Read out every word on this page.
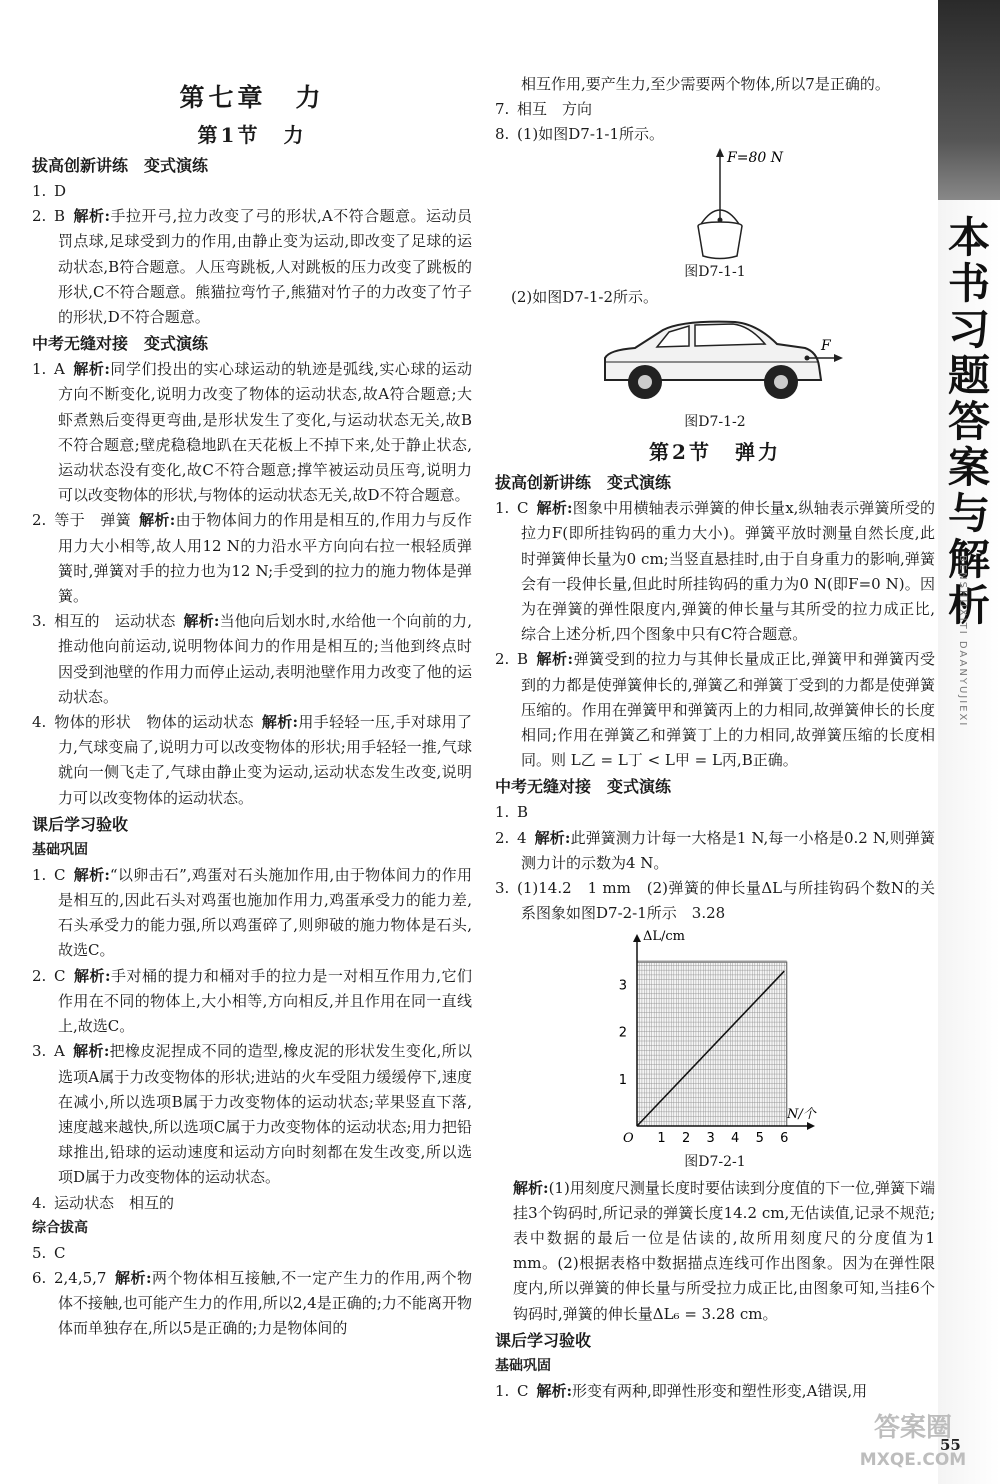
第七章　力
第1节　力
拔高创新讲练　变式演练
1. D
2. B 解析:手拉开弓,拉力改变了弓的形状,A不符合题意。运动员罚点球,足球受到力的作用,由静止变为运动,即改变了足球的运动状态,B符合题意。人压弯跳板,人对跳板的压力改变了跳板的形状,C不符合题意。熊猫拉弯竹子,熊猫对竹子的力改变了竹子的形状,D不符合题意。
中考无缝对接　变式演练
1. A 解析:同学们投出的实心球运动的轨迹是弧线,实心球的运动方向不断变化,说明力改变了物体的运动状态,故A符合题意;大虾煮熟后变得更弯曲,是形状发生了变化,与运动状态无关,故B不符合题意;壁虎稳稳地趴在天花板上不掉下来,处于静止状态,运动状态没有变化,故C不符合题意;撑竿被运动员压弯,说明力可以改变物体的形状,与物体的运动状态无关,故D不符合题意。
2. 等于　弹簧 解析:由于物体间力的作用是相互的,作用力与反作用力大小相等,故人用12 N的力沿水平方向向右拉一根轻质弹簧时,弹簧对手的拉力也为12 N;手受到的拉力的施力物体是弹簧。
3. 相互的　运动状态 解析:当他向后划水时,水给他一个向前的力,推动他向前运动,说明物体间力的作用是相互的;当他到终点时因受到池壁的作用力而停止运动,表明池壁作用力改变了他的运动状态。
4. 物体的形状　物体的运动状态 解析:用手轻轻一压,手对球用了力,气球变扁了,说明力可以改变物体的形状;用手轻轻一推,气球就向一侧飞走了,气球由静止变为运动,运动状态发生改变,说明力可以改变物体的运动状态。
课后学习验收
基础巩固
1. C 解析:“以卵击石”,鸡蛋对石头施加作用,由于物体间力的作用是相互的,因此石头对鸡蛋也施加作用力,鸡蛋承受力的能力差,石头承受力的能力强,所以鸡蛋碎了,则卵破的施力物体是石头,故选C。
2. C 解析:手对桶的提力和桶对手的拉力是一对相互作用力,它们作用在不同的物体上,大小相等,方向相反,并且作用在同一直线上,故选C。
3. A 解析:把橡皮泥捏成不同的造型,橡皮泥的形状发生变化,所以选项A属于力改变物体的形状;进站的火车受阻力缓缓停下,速度在减小,所以选项B属于力改变物体的运动状态;苹果竖直下落,速度越来越快,所以选项C属于力改变物体的运动状态;用力把铅球推出,铅球的运动速度和运动方向时刻都在发生改变,所以选项D属于力改变物体的运动状态。
4. 运动状态　相互的
综合拔高
5. C
6. 2,4,5,7 解析:两个物体相互接触,不一定产生力的作用,两个物体不接触,也可能产生力的作用,所以2,4是正确的;力不能离开物体而单独存在,所以5是正确的;力是物体间的
相互作用,要产生力,至少需要两个物体,所以7是正确的。
7. 相互　方向
8. (1)如图D7-1-1所示。
F=80 N
图D7-1-1
(2)如图D7-1-2所示。
F
图D7-1-2
第2节　弹力
拔高创新讲练　变式演练
1. C 解析:图象中用横轴表示弹簧的伸长量x,纵轴表示弹簧所受的拉力F(即所挂钩码的重力大小)。弹簧平放时测量自然长度,此时弹簧伸长量为0 cm;当竖直悬挂时,由于自身重力的影响,弹簧会有一段伸长量,但此时所挂钩码的重力为0 N(即F=0 N)。因为在弹簧的弹性限度内,弹簧的伸长量与其所受的拉力成正比,综合上述分析,四个图象中只有C符合题意。
2. B 解析:弹簧受到的拉力与其伸长量成正比,弹簧甲和弹簧丙受到的力都是使弹簧伸长的,弹簧乙和弹簧丁受到的力都是使弹簧压缩的。作用在弹簧甲和弹簧丙上的力相同,故弹簧伸长的长度相同;作用在弹簧乙和弹簧丁上的力相同,故弹簧压缩的长度相同。则 L乙 = L丁 < L甲 = L丙,B正确。
中考无缝对接　变式演练
1. B
2. 4 解析:此弹簧测力计每一大格是1 N,每一小格是0.2 N,则弹簧测力计的示数为4 N。
3. (1)14.2　1 mm　(2)弹簧的伸长量ΔL与所挂钩码个数N的关系图象如图D7-2-1所示　3.28
1 2 3 4 5 6
1
2
3
O
N/个
ΔL/cm
图D7-2-1
解析:(1)用刻度尺测量长度时要估读到分度值的下一位,弹簧下端挂3个钩码时,所记录的弹簧长度14.2 cm,无估读值,记录不规范;表中数据的最后一位是估读的,故所用刻度尺的分度值为1 mm。(2)根据表格中数据描点连线可作出图象。因为在弹性限度内,所以弹簧的伸长量与所受拉力成正比,由图象可知,当挂6个钩码时,弹簧的伸长量ΔL₆ = 3.28 cm。
课后学习验收
基础巩固
1. C 解析:形变有两种,即弹性形变和塑性形变,A错误,用
本书习题答案与解析
BENSHUXITI DAANYUJIEXI
答案圈
MXQE.COM
55
